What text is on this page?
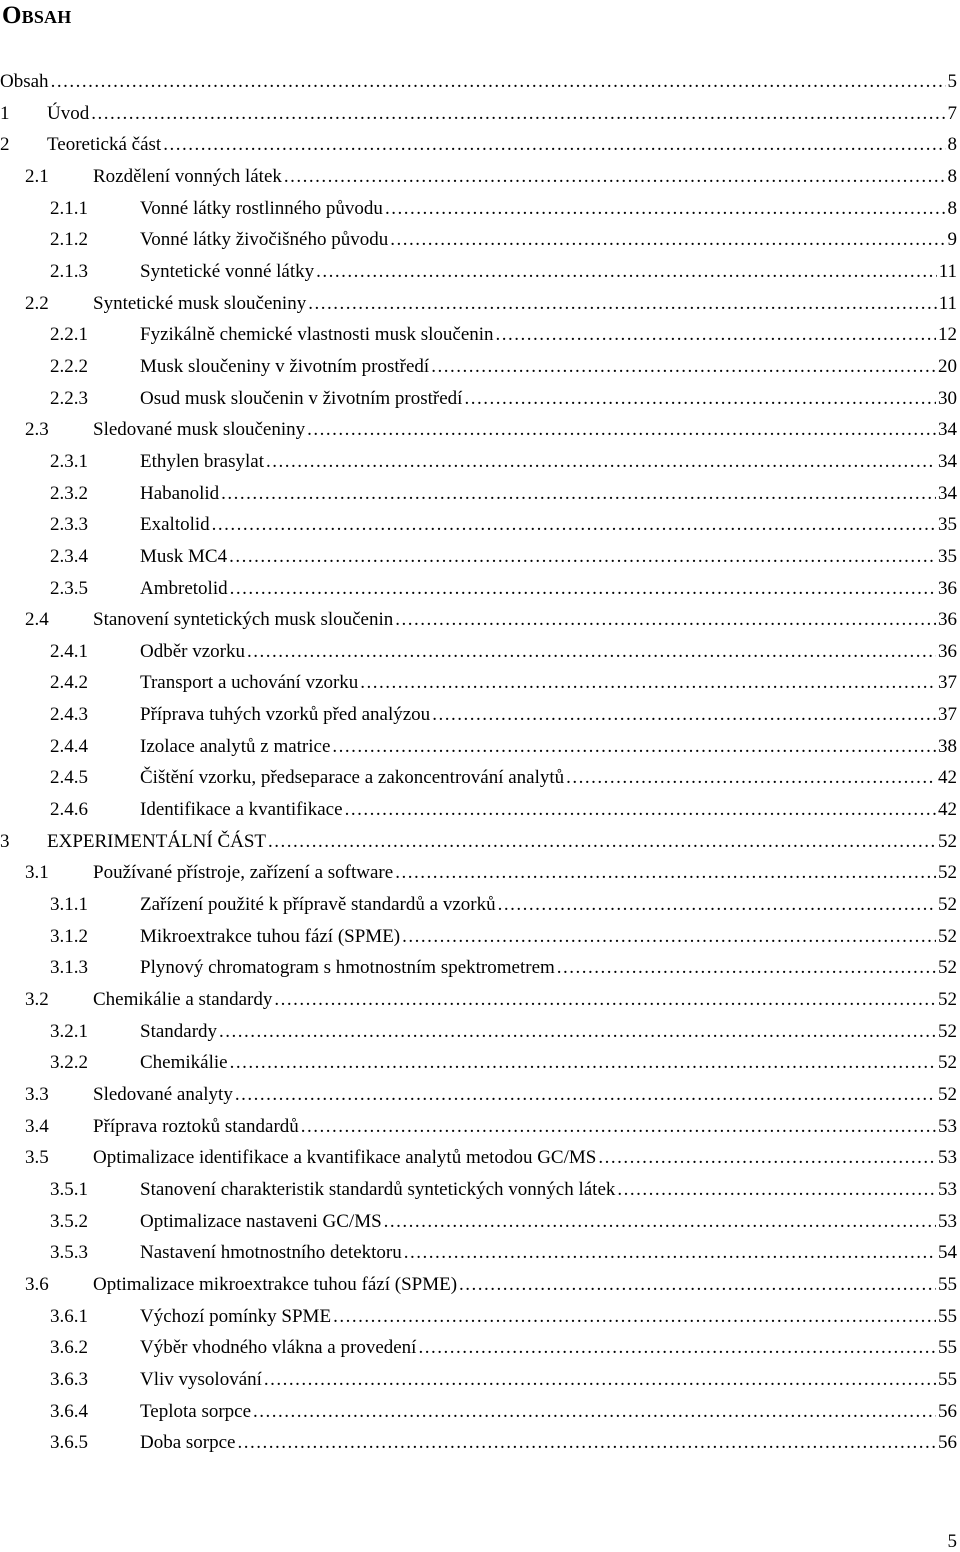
Obsah
Obsah .....	5
1	Úvod .....	7
2	Teoretická část .....	8
2.1	Rozdělení vonných látek .....	8
2.1.1	Vonné látky rostlinného původu .....	8
2.1.2	Vonné látky živočišného původu .....	9
2.1.3	Syntetické vonné látky .....	11
2.2	Syntetické musk sloučeniny .....	11
2.2.1	Fyzikálně chemické vlastnosti musk sloučenin .....	12
2.2.2	Musk sloučeniny v životním prostředí .....	20
2.2.3	Osud musk sloučenin v životním prostředí .....	30
2.3	Sledované musk sloučeniny .....	34
2.3.1	Ethylen brasylat .....	34
2.3.2	Habanolid .....	34
2.3.3	Exaltolid .....	35
2.3.4	Musk MC4 .....	35
2.3.5	Ambretolid .....	36
2.4	Stanovení syntetických musk sloučenin .....	36
2.4.1	Odběr vzorku .....	36
2.4.2	Transport a uchování vzorku .....	37
2.4.3	Příprava tuhých vzorků před analýzou .....	37
2.4.4	Izolace analytů z matrice .....	38
2.4.5	Čištění vzorku, předseparace a zakoncentrování analytů .....	42
2.4.6	Identifikace a kvantifikace .....	42
3	EXPERIMENTÁLNÍ ČÁST .....	52
3.1	Používané přístroje, zařízení a software .....	52
3.1.1	Zařízení použité k přípravě standardů a vzorků .....	52
3.1.2	Mikroextrakce tuhou fází (SPME) .....	52
3.1.3	Plynový chromatogram s hmotnostním spektrometrem .....	52
3.2	Chemikálie a standardy .....	52
3.2.1	Standardy .....	52
3.2.2	Chemikálie .....	52
3.3	Sledované analyty .....	52
3.4	Příprava roztoků standardů .....	53
3.5	Optimalizace identifikace a kvantifikace analytů metodou GC/MS .....	53
3.5.1	Stanovení charakteristik standardů syntetických vonných látek .....	53
3.5.2	Optimalizace nastaveni GC/MS .....	53
3.5.3	Nastavení hmotnostního detektoru .....	54
3.6	Optimalizace mikroextrakce tuhou fází (SPME) .....	55
3.6.1	Výchozí pomínky SPME .....	55
3.6.2	Výběr vhodného vlákna a provedení .....	55
3.6.3	Vliv vysolování .....	55
3.6.4	Teplota sorpce .....	56
3.6.5	Doba sorpce .....	56
5
